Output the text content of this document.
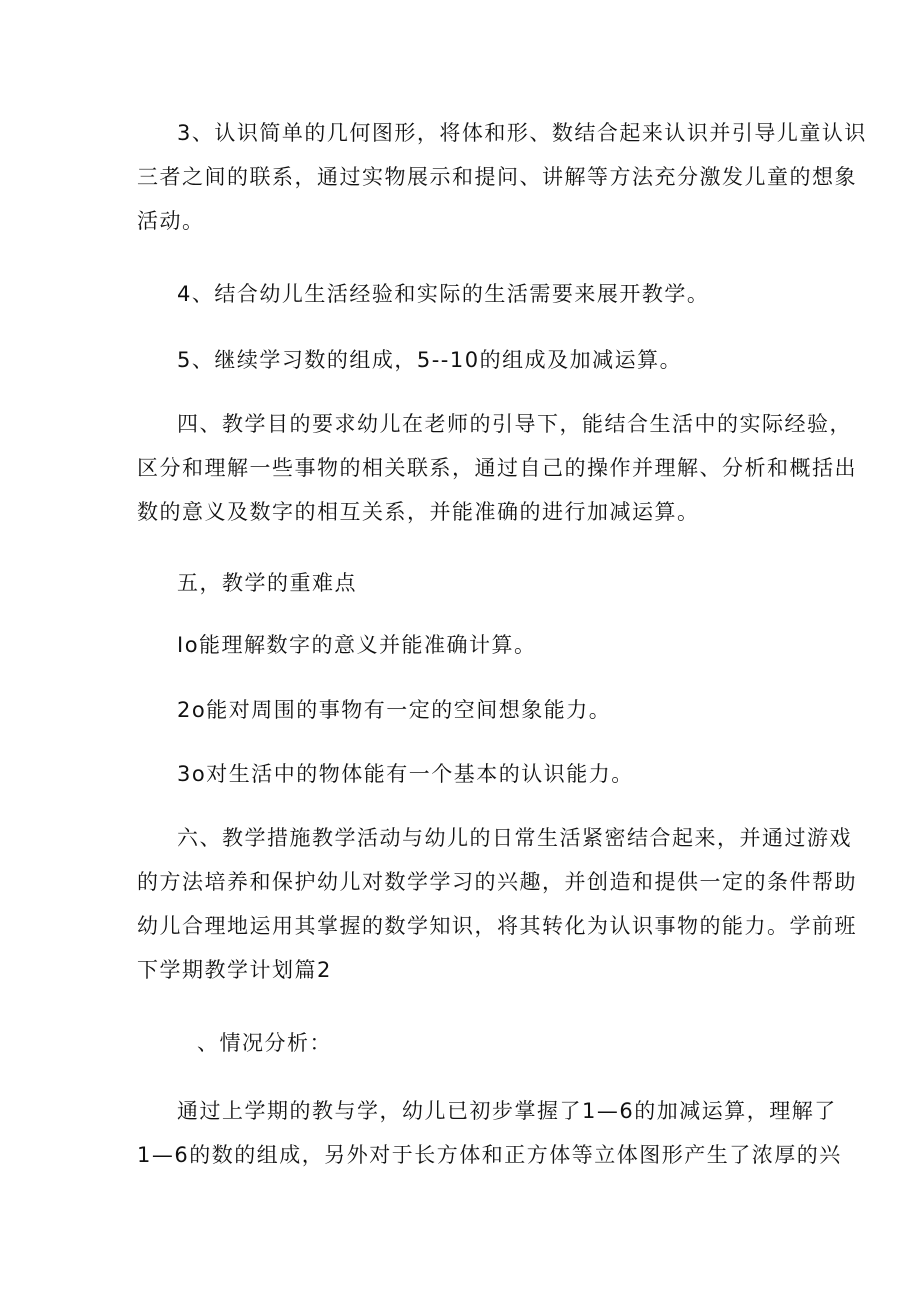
3、认识简单的几何图形，将体和形、数结合起来认识并引导儿童认识
三者之间的联系，通过实物展示和提问、讲解等方法充分激发儿童的想象
活动。
4、结合幼儿生活经验和实际的生活需要来展开教学。
5、继续学习数的组成，5--10的组成及加减运算。
四、教学目的要求幼儿在老师的引导下，能结合生活中的实际经验，
区分和理解一些事物的相关联系，通过自己的操作并理解、分析和概括出
数的意义及数字的相互关系，并能准确的进行加减运算。
五，教学的重难点
Io能理解数字的意义并能准确计算。
2o能对周围的事物有一定的空间想象能力。
3o对生活中的物体能有一个基本的认识能力。
六、教学措施教学活动与幼儿的日常生活紧密结合起来，并通过游戏
的方法培养和保护幼儿对数学学习的兴趣，并创造和提供一定的条件帮助
幼儿合理地运用其掌握的数学知识，将其转化为认识事物的能力。学前班
下学期教学计划篇2
、情况分析：
通过上学期的教与学，幼儿已初步掌握了1—6的加减运算，理解了
1—6的数的组成，另外对于长方体和正方体等立体图形产生了浓厚的兴
